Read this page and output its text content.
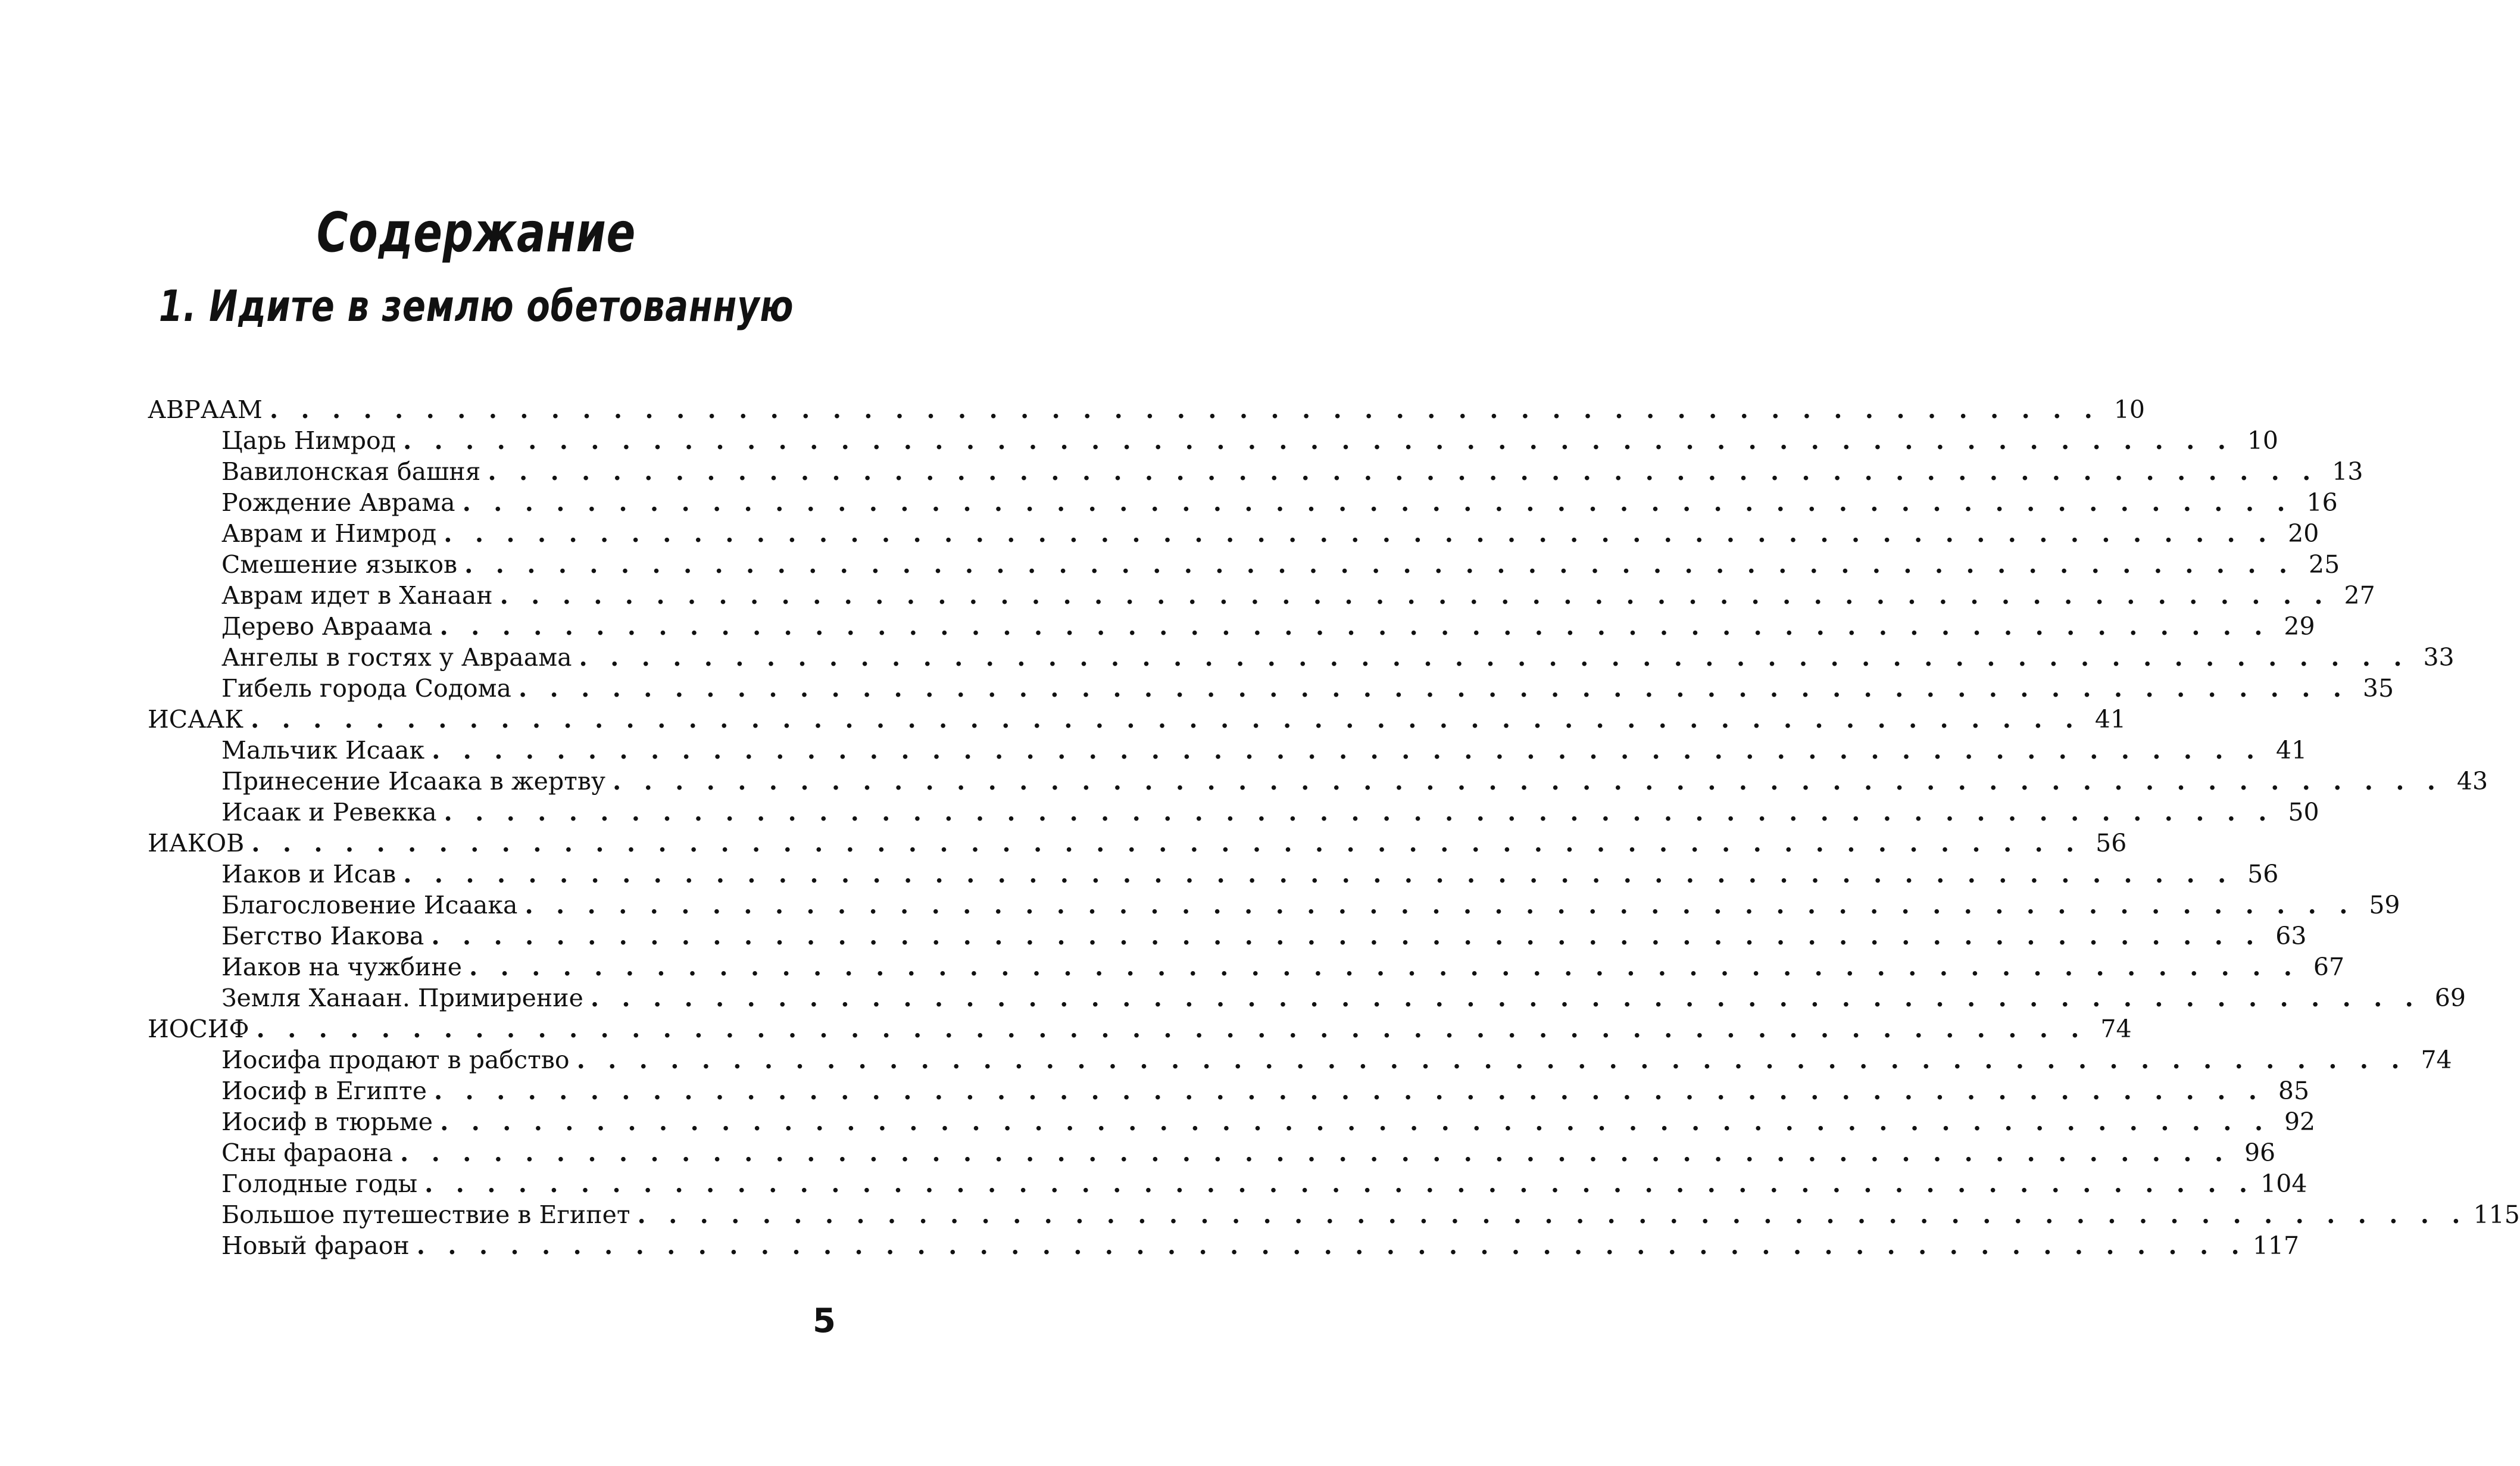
Содержание
1. Идите в землю обетованную
АВРААМ . . . . . . . . . . . . . . . . . . . . . . . . . . . . . . . . . . . . . . . . . . . . . . . . . . . . . . . . . . . 10
Царь Нимрод . . . . . . . . . . . . . . . . . . . . . . . . . . . . . . . . . . . . . . . . . . . . . . . . . . . . . . . . . . . 10
Вавилонская башня . . . . . . . . . . . . . . . . . . . . . . . . . . . . . . . . . . . . . . . . . . . . . . . . . . . . . . . . . . . 13
Рождение Аврама . . . . . . . . . . . . . . . . . . . . . . . . . . . . . . . . . . . . . . . . . . . . . . . . . . . . . . . . . . . 16
Аврам и Нимрод . . . . . . . . . . . . . . . . . . . . . . . . . . . . . . . . . . . . . . . . . . . . . . . . . . . . . . . . . . . 20
Смешение языков . . . . . . . . . . . . . . . . . . . . . . . . . . . . . . . . . . . . . . . . . . . . . . . . . . . . . . . . . . . 25
Аврам идет в Ханаан . . . . . . . . . . . . . . . . . . . . . . . . . . . . . . . . . . . . . . . . . . . . . . . . . . . . . . . . . . . 27
Дерево Авраама . . . . . . . . . . . . . . . . . . . . . . . . . . . . . . . . . . . . . . . . . . . . . . . . . . . . . . . . . . . 29
Ангелы в гостях у Авраама . . . . . . . . . . . . . . . . . . . . . . . . . . . . . . . . . . . . . . . . . . . . . . . . . . . . . . . . . . . 33
Гибель города Содома . . . . . . . . . . . . . . . . . . . . . . . . . . . . . . . . . . . . . . . . . . . . . . . . . . . . . . . . . . . 35
ИСААК . . . . . . . . . . . . . . . . . . . . . . . . . . . . . . . . . . . . . . . . . . . . . . . . . . . . . . . . . . . 41
Мальчик Исаак . . . . . . . . . . . . . . . . . . . . . . . . . . . . . . . . . . . . . . . . . . . . . . . . . . . . . . . . . . . 41
Принесение Исаака в жертву . . . . . . . . . . . . . . . . . . . . . . . . . . . . . . . . . . . . . . . . . . . . . . . . . . . . . . . . . . . 43
Исаак и Ревекка . . . . . . . . . . . . . . . . . . . . . . . . . . . . . . . . . . . . . . . . . . . . . . . . . . . . . . . . . . . 50
ИАКОВ . . . . . . . . . . . . . . . . . . . . . . . . . . . . . . . . . . . . . . . . . . . . . . . . . . . . . . . . . . . 56
Иаков и Исав . . . . . . . . . . . . . . . . . . . . . . . . . . . . . . . . . . . . . . . . . . . . . . . . . . . . . . . . . . . 56
Благословение Исаака . . . . . . . . . . . . . . . . . . . . . . . . . . . . . . . . . . . . . . . . . . . . . . . . . . . . . . . . . . . 59
Бегство Иакова . . . . . . . . . . . . . . . . . . . . . . . . . . . . . . . . . . . . . . . . . . . . . . . . . . . . . . . . . . . 63
Иаков на чужбине . . . . . . . . . . . . . . . . . . . . . . . . . . . . . . . . . . . . . . . . . . . . . . . . . . . . . . . . . . . 67
Земля Ханаан. Примирение . . . . . . . . . . . . . . . . . . . . . . . . . . . . . . . . . . . . . . . . . . . . . . . . . . . . . . . . . . . 69
ИОСИФ . . . . . . . . . . . . . . . . . . . . . . . . . . . . . . . . . . . . . . . . . . . . . . . . . . . . . . . . . . . 74
Иосифа продают в рабство . . . . . . . . . . . . . . . . . . . . . . . . . . . . . . . . . . . . . . . . . . . . . . . . . . . . . . . . . . . 74
Иосиф в Египте . . . . . . . . . . . . . . . . . . . . . . . . . . . . . . . . . . . . . . . . . . . . . . . . . . . . . . . . . . . 85
Иосиф в тюрьме . . . . . . . . . . . . . . . . . . . . . . . . . . . . . . . . . . . . . . . . . . . . . . . . . . . . . . . . . . . 92
Сны фараона . . . . . . . . . . . . . . . . . . . . . . . . . . . . . . . . . . . . . . . . . . . . . . . . . . . . . . . . . . . 96
Голодные годы . . . . . . . . . . . . . . . . . . . . . . . . . . . . . . . . . . . . . . . . . . . . . . . . . . . . . . . . . . . 104
Большое путешествие в Египет . . . . . . . . . . . . . . . . . . . . . . . . . . . . . . . . . . . . . . . . . . . . . . . . . . . . . . . . . . . 115
Новый фараон . . . . . . . . . . . . . . . . . . . . . . . . . . . . . . . . . . . . . . . . . . . . . . . . . . . . . . . . . . . 117
5
